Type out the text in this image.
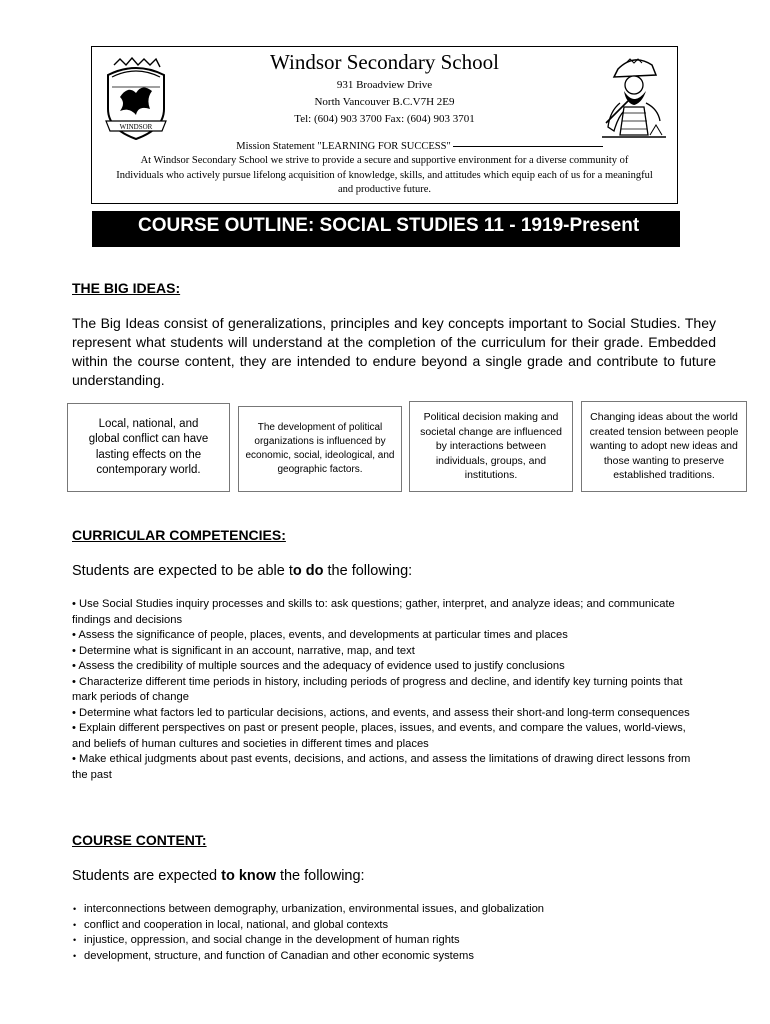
WINDSOR
Windsor Secondary School
931 Broadview Drive
North Vancouver B.C.V7H 2E9
Tel: (604) 903 3700 Fax: (604) 903 3701
Mission Statement "LEARNING FOR SUCCESS"
At Windsor Secondary School we strive to provide a secure and supportive environment for a diverse community of Individuals who actively pursue lifelong acquisition of knowledge, skills, and attitudes which equip each of us for a meaningful and productive future.
COURSE OUTLINE: SOCIAL STUDIES 11 - 1919-Present
THE BIG IDEAS:
The Big Ideas consist of generalizations, principles and key concepts important to Social Studies. They represent what students will understand at the completion of the curriculum for their grade. Embedded within the course content, they are intended to endure beyond a single grade and contribute to future understanding.
Local, national, and global conflict can have lasting effects on the contemporary world.
The development of political organizations is influenced by economic, social, ideological, and geographic factors.
Political decision making and societal change are influenced by interactions between individuals, groups, and institutions.
Changing ideas about the world created tension between people wanting to adopt new ideas and those wanting to preserve established traditions.
CURRICULAR COMPETENCIES:
Students are expected to be able to do the following:

• Use Social Studies inquiry processes and skills to: ask questions; gather, interpret, and analyze ideas; and communicate findings and decisions

• Assess the significance of people, places, events, and developments at particular times and places

• Determine what is significant in an account, narrative, map, and text

• Assess the credibility of multiple sources and the adequacy of evidence used to justify conclusions

• Characterize different time periods in history, including periods of progress and decline, and identify key turning points that mark periods of change

• Determine what factors led to particular decisions, actions, and events, and assess their short-and long-term consequences

• Explain different perspectives on past or present people, places, issues, and events, and compare the values, world-views, and beliefs of human cultures and societies in different times and places

• Make ethical judgments about past events, decisions, and actions, and assess the limitations of drawing direct lessons from the past

COURSE CONTENT:
Students are expected to know the following:
• interconnections between demography, urbanization, environmental issues, and globalization
• conflict and cooperation in local, national, and global contexts
• injustice, oppression, and social change in the development of human rights
• development, structure, and function of Canadian and other economic systems
